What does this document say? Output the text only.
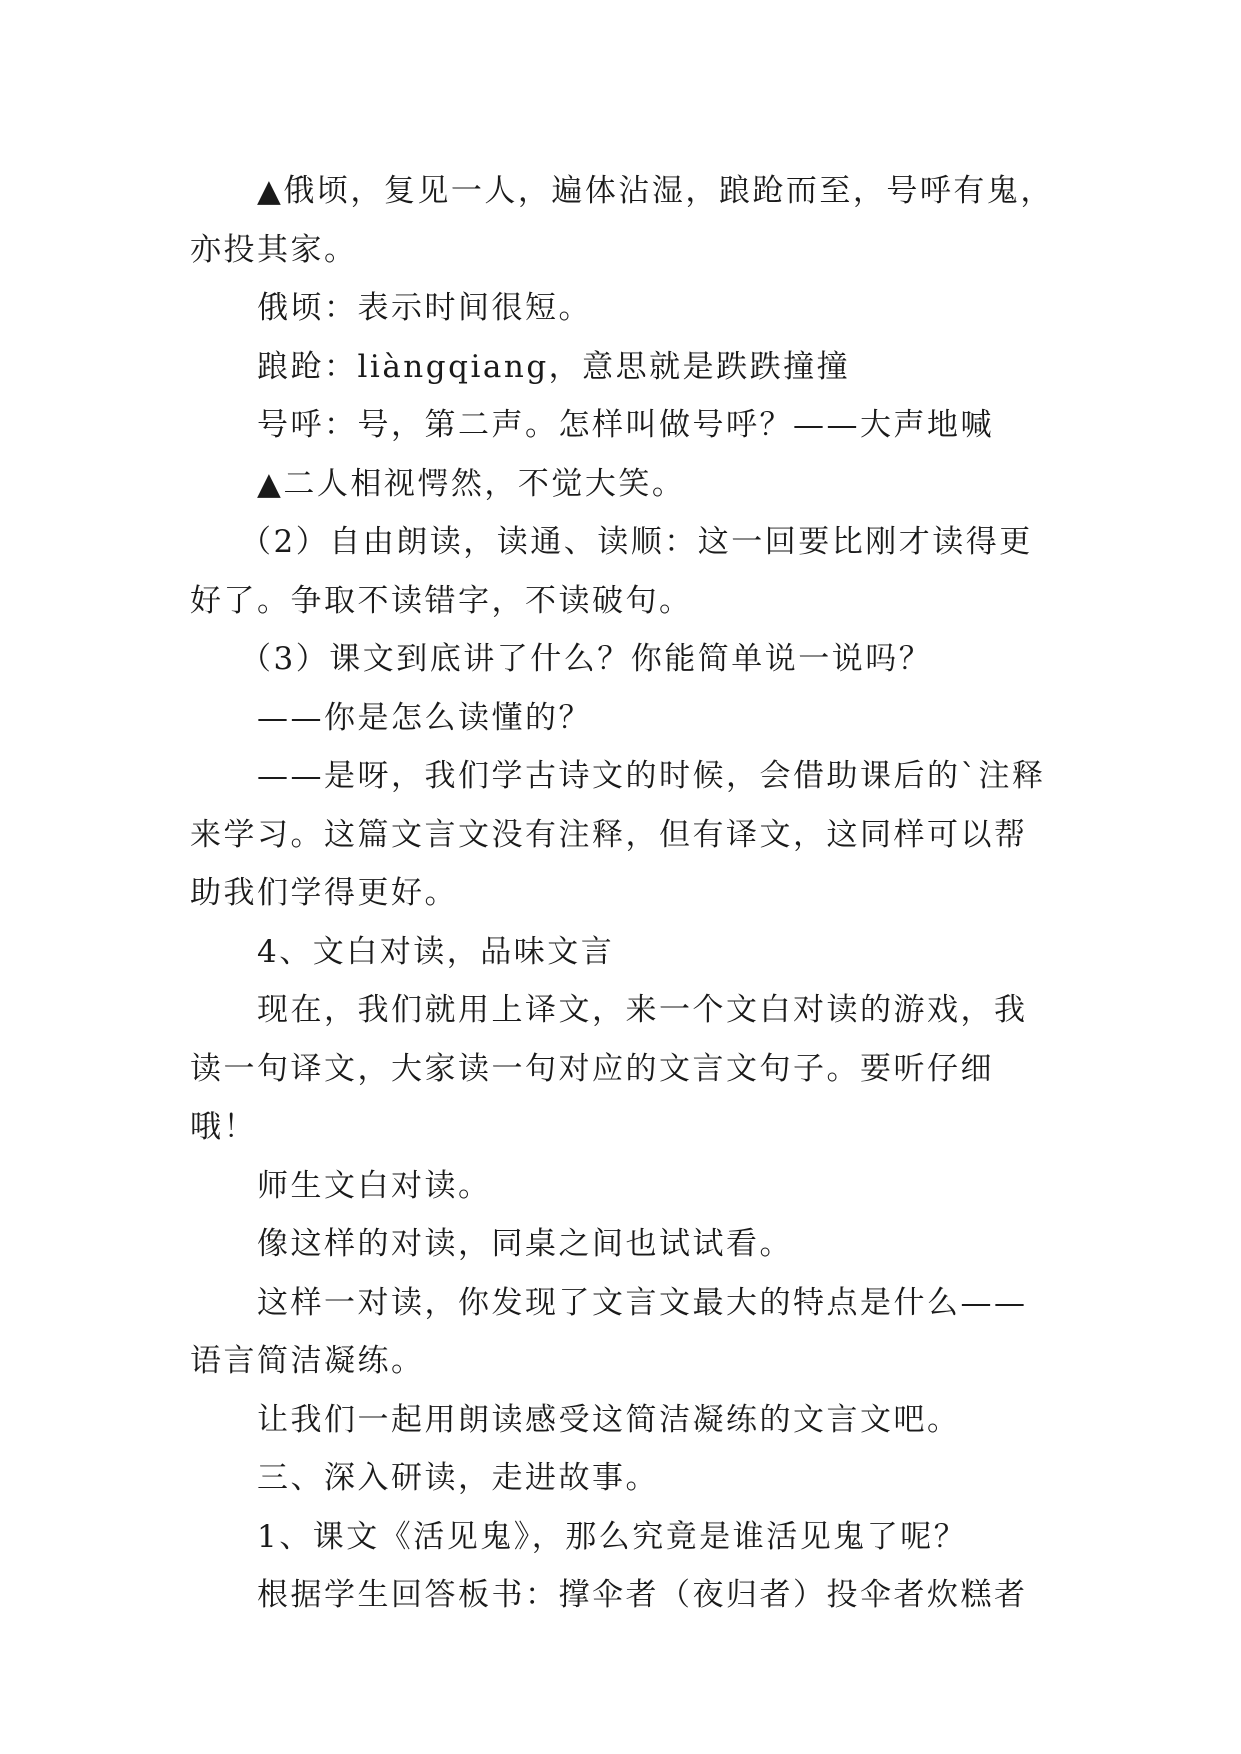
▲俄顷，复见一人，遍体沾湿，踉跄而至，号呼有鬼，亦投其家。

俄顷：表示时间很短。

踉跄：liàngqiang，意思就是跌跌撞撞

号呼：号，第二声。怎样叫做号呼？——大声地喊

▲二人相视愕然，不觉大笑。

（2）自由朗读，读通、读顺：这一回要比刚才读得更好了。争取不读错字，不读破句。

（3）课文到底讲了什么？你能简单说一说吗？

——你是怎么读懂的？

——是呀，我们学古诗文的时候，会借助课后的`注释来学习。这篇文言文没有注释，但有译文，这同样可以帮助我们学得更好。

4、文白对读，品味文言

现在，我们就用上译文，来一个文白对读的游戏，我读一句译文，大家读一句对应的文言文句子。要听仔细哦！

师生文白对读。

像这样的对读，同桌之间也试试看。

这样一对读，你发现了文言文最大的特点是什么——语言简洁凝练。

让我们一起用朗读感受这简洁凝练的文言文吧。

三、深入研读，走进故事。

1、课文《活见鬼》，那么究竟是谁活见鬼了呢？

根据学生回答板书：撑伞者（夜归者）投伞者炊糕者
